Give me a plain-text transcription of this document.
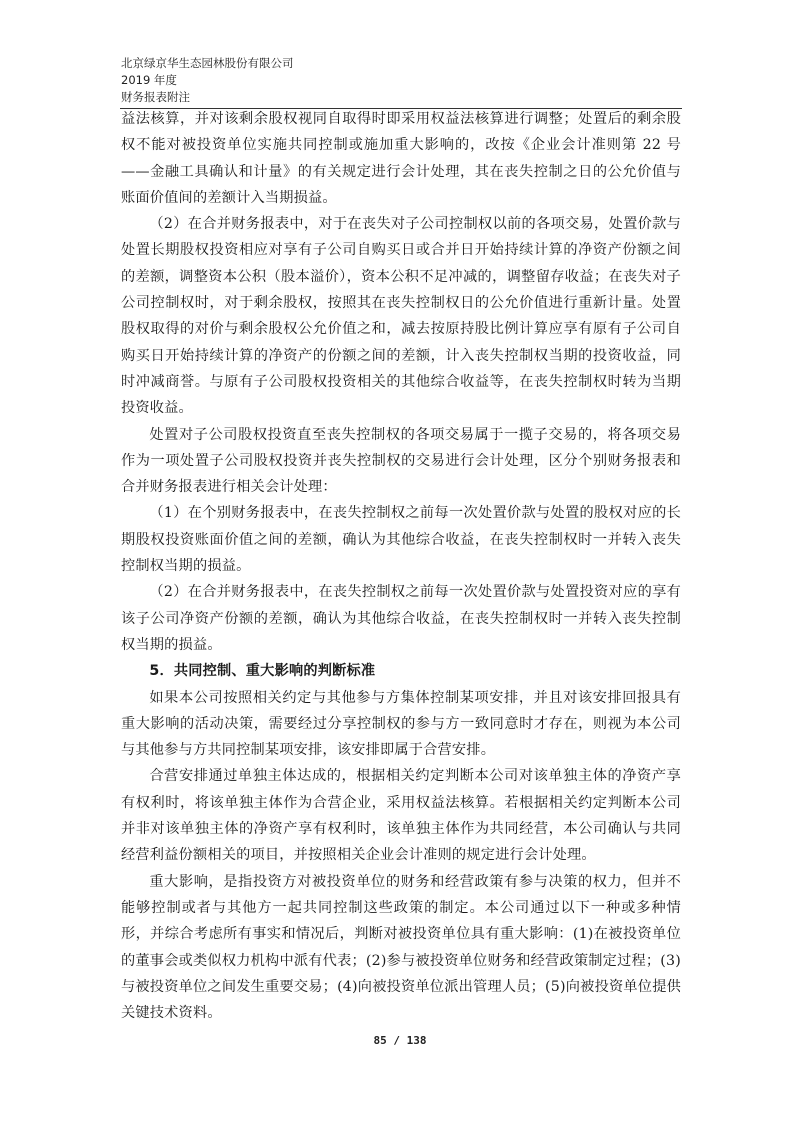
北京绿京华生态园林股份有限公司
2019 年度
财务报表附注

益法核算，并对该剩余股权视同自取得时即采用权益法核算进行调整；处置后的剩余股权不能对被投资单位实施共同控制或施加重大影响的，改按《企业会计准则第 22 号——金融工具确认和计量》的有关规定进行会计处理，其在丧失控制之日的公允价值与账面价值间的差额计入当期损益。

（2）在合并财务报表中，对于在丧失对子公司控制权以前的各项交易，处置价款与处置长期股权投资相应对享有子公司自购买日或合并日开始持续计算的净资产份额之间的差额，调整资本公积（股本溢价），资本公积不足冲减的，调整留存收益；在丧失对子公司控制权时，对于剩余股权，按照其在丧失控制权日的公允价值进行重新计量。处置股权取得的对价与剩余股权公允价值之和，减去按原持股比例计算应享有原有子公司自购买日开始持续计算的净资产的份额之间的差额，计入丧失控制权当期的投资收益，同时冲减商誉。与原有子公司股权投资相关的其他综合收益等，在丧失控制权时转为当期投资收益。

处置对子公司股权投资直至丧失控制权的各项交易属于一揽子交易的，将各项交易作为一项处置子公司股权投资并丧失控制权的交易进行会计处理，区分个别财务报表和合并财务报表进行相关会计处理：

（1）在个别财务报表中，在丧失控制权之前每一次处置价款与处置的股权对应的长期股权投资账面价值之间的差额，确认为其他综合收益，在丧失控制权时一并转入丧失控制权当期的损益。

（2）在合并财务报表中，在丧失控制权之前每一次处置价款与处置投资对应的享有该子公司净资产份额的差额，确认为其他综合收益，在丧失控制权时一并转入丧失控制权当期的损益。

5．共同控制、重大影响的判断标准

如果本公司按照相关约定与其他参与方集体控制某项安排，并且对该安排回报具有重大影响的活动决策，需要经过分享控制权的参与方一致同意时才存在，则视为本公司与其他参与方共同控制某项安排，该安排即属于合营安排。

合营安排通过单独主体达成的，根据相关约定判断本公司对该单独主体的净资产享有权利时，将该单独主体作为合营企业，采用权益法核算。若根据相关约定判断本公司并非对该单独主体的净资产享有权利时，该单独主体作为共同经营，本公司确认与共同经营利益份额相关的项目，并按照相关企业会计准则的规定进行会计处理。

重大影响，是指投资方对被投资单位的财务和经营政策有参与决策的权力，但并不能够控制或者与其他方一起共同控制这些政策的制定。本公司通过以下一种或多种情形，并综合考虑所有事实和情况后，判断对被投资单位具有重大影响：(1)在被投资单位的董事会或类似权力机构中派有代表；(2)参与被投资单位财务和经营政策制定过程；(3)与被投资单位之间发生重要交易；(4)向被投资单位派出管理人员；(5)向被投资单位提供关键技术资料。

85 / 138
